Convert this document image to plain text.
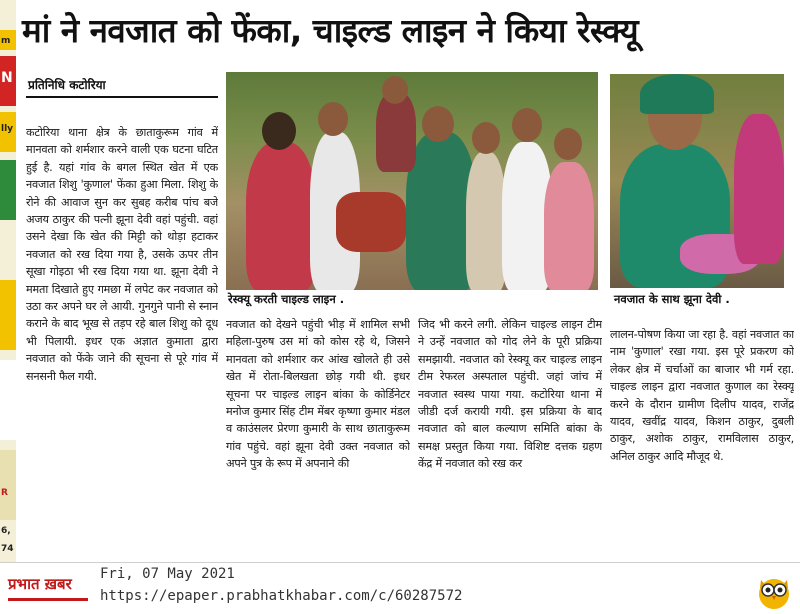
m
N
lly
R
6,
74
मां ने नवजात को फेंका, चाइल्ड लाइन ने किया रेस्क्यू
प्रतिनिधि कटोरिया

कटोरिया थाना क्षेत्र के छाताकुरूम गांव में मानवता को शर्मशार करने वाली एक घटना घटित हुई है. यहां गांव के बगल स्थित खेत में एक नवजात शिशु 'कुणाल' फेंका हुआ मिला. शिशु के रोने की आवाज सुन कर सुबह करीब पांच बजे अजय ठाकुर की पत्नी झूना देवी वहां पहुंची. वहां उसने देखा कि खेत की मिट्टी को थोड़ा हटाकर नवजात को रख दिया गया है, उसके ऊपर तीन सूखा गोइठा भी रख दिया गया था. झूना देवी ने ममता दिखाते हुए गमछा में लपेट कर नवजात को उठा कर अपने घर ले आयी. गुनगुने पानी से स्नान कराने के बाद भूख से तड़प रहे बाल शिशु को दूध भी पिलायी. इधर एक अज्ञात कुमाता द्वारा नवजात को फेंके जाने की सूचना से पूरे गांव में सनसनी फैल गयी.

रेस्क्यू करती चाइल्ड लाइन .	नवजात के साथ झूना देवी .

नवजात को देखने पहुंची भीड़ में शामिल सभी महिला-पुरुष उस मां को कोस रहे थे, जिसने मानवता को शर्मशार कर आंख खोलते ही उसे खेत में रोता-बिलखता छोड़ गयी थी. इधर सूचना पर चाइल्ड लाइन बांका के कोर्डिनेटर मनोज कुमार सिंह टीम मेंबर कृष्णा कुमार मंडल व काउंसलर प्रेरणा कुमारी के साथ छाताकुरूम गांव पहुंचे. वहां झूना देवी उक्त नवजात को अपने पुत्र के रूप में अपनाने की

जिद भी करने लगी. लेकिन चाइल्ड लाइन टीम ने उन्हें नवजात को गोद लेने के पूरी प्रक्रिया समझायी. नवजात को रेस्क्यू कर चाइल्ड लाइन टीम रेफरल अस्पताल पहुंची. जहां जांच में नवजात स्वस्थ पाया गया. कटोरिया थाना में जीडी दर्ज करायी गयी. इस प्रक्रिया के बाद नवजात को बाल कल्याण समिति बांका के समक्ष प्रस्तुत किया गया. विशिष्ट दत्तक ग्रहण केंद्र में नवजात को रख कर

लालन-पोषण किया जा रहा है. वहां नवजात का नाम 'कुणाल' रखा गया. इस पूरे प्रकरण को लेकर क्षेत्र में चर्चाओं का बाजार भी गर्म रहा. चाइल्ड लाइन द्वारा नवजात कुणाल का रेस्क्यू करने के दौरान ग्रामीण दिलीप यादव, राजेंद्र यादव, खवींद्र यादव, किशन ठाकुर, दुबली ठाकुर, अशोक ठाकुर, रामविलास ठाकुर, अनिल ठाकुर आदि मौजूद थे.

प्रभात ख़बर
Fri, 07 May 2021
https://epaper.prabhatkhabar.com/c/60287572
